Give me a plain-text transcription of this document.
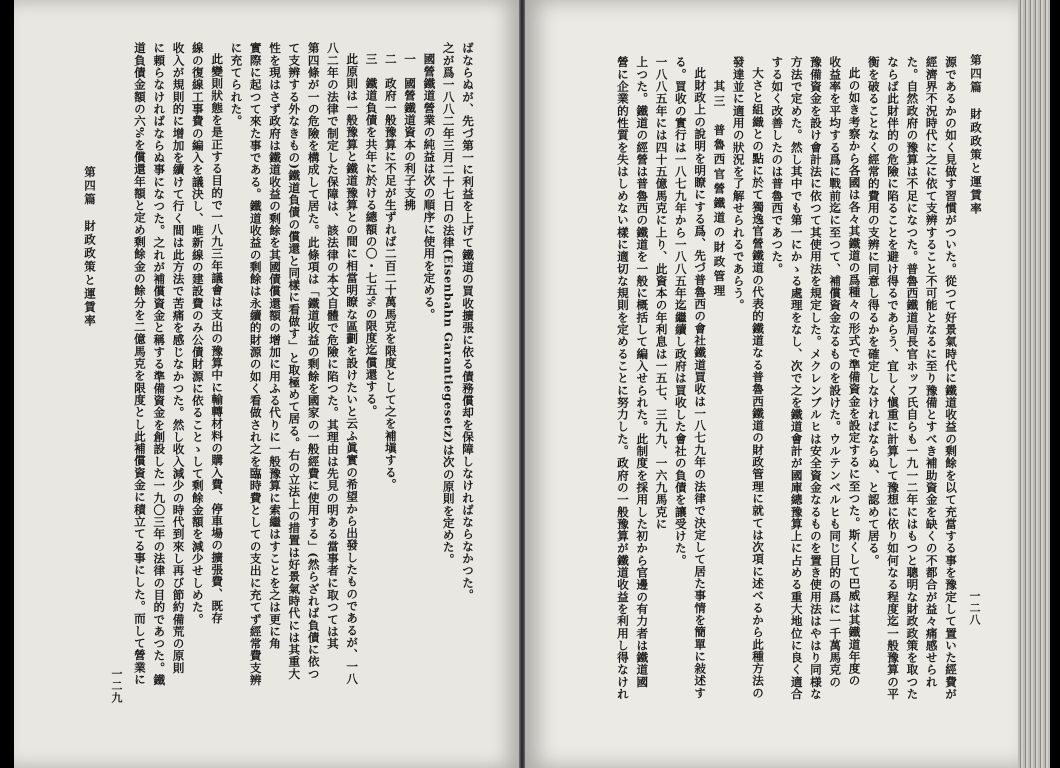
ばならぬが、先づ第一に利益を上げて鐵道の買收擴張に依る債務償却を保障しなければならなかつた。

之が爲一八八二年三月二十七日の法律(Eisenbahn Garantiegesetz)は次の原則を定めた。

國營鐵道營業の純益は次の順序に使用を定める。

一　國營鐵道資本の利子支拂

二　政府一般豫算に不足が生ずれば二百二十萬馬克を限度として之を補塡する。

三　鐵道負債を共年に於ける總額の〇・七五%の限度迄償還する。

此原則は一般豫算と鐵道豫算との間に相當明瞭な區劃を設けたいと云ふ眞實の希望から出發したものであるが、一八

八二年の法律で制定した保障は、該法律の本文自體で危險に陷つた。其理由は先見の明ある當事者に取つては其

第四條が一の危險を構成して居た。此條項は「鐵道收益の剩餘を國家の一般經費に使用する」(然らざれば負債に依つ

て支辨する外なきもの)鐵道負債の償還と同樣に看做す」と取極めて居る。右の立法上の措置は好景氣時代には其重大

性を現はさず政府は鐵道收益の剩餘を其國債償還額の增加に用ふる代りに一般豫算に索繼はすことを之は更に角

實際に起つて來た事である。鐵道收益の剩餘は永續的財源の如く看做され之を臨時費としての支出に充てず經常費支辨

に充てられた。

此變則狀態を是正する目的で一八九三年議會は支出の豫算中に輸轉材料の購入費、停車場の擴張費、既存

線の復線工事費の編入を議決し、唯新線の建設費のみ公債財源に依ることゝして剩餘金額を減少せしめた。

收入が規則的に增加を續けて行く間は此方法で苦痛を感じなかつた。然し收入減少の時代到來し再び節約備荒の原則

に頼らなければならぬ事になつた。之れが補償資金と稱する準備資金を創設した一九〇三年の法律の目的であつた。鐵

道負債金額の六%を償還年額と定め剩餘金の餘分を二億馬克を限度とし此補償資金に積立てる事にした。而して營業に

第四篇　財政政策と運賃率
一二九
第四篇　財政政策と運賃率
一二八

源であるかの如く見做す習慣がついた。從つて好景氣時代に鐵道收益の剩餘を以て充當する事を豫定して置いた經費が

經濟界不況時代に之に依て支辨すること不可能となるに至り豫備とすべき補助資金を缺くの不都合が益々痛感せられ

た。自然政府の豫算は不足になつた。普魯西鐵道局長官ホッフ氏自らも一九一二年にはもつと聰明な財政政策を取つた

ならば此財伴的の危險に陷ることを避け得るであらう、宜しく愼重に計算して豫想に依り如何なる程度迄一般豫算の平

衡を破ることなく經常的費用の支辨に同意し得るかを確定しなければならぬ、と認めて居る。

此の如き考察から各國は各々其鐵道の爲種々の形式で準備資金を設定するに至つた。斯くして巴威は其鐵道年度の

收益率を平均する爲に戰前迄に至つて、補償資金なるものを設けた。ウルテンベルヒも同じ目的の爲に一千萬馬克の

豫備資金を設け會計法に依つて其使用法を規定した。メクレンブルヒは安全資金なるものを置き使用法はやはり同様な

方法で定めた。然し其中でも第一にかゝる處理をなし、次で之を鐵道會計が國庫總豫算上に占める重大地位に良く適合

する如く改善したのは普魯西であつた。

大さと組織との點に於て獨逸官營鐵道の代表的鐵道なる普魯西鐵道の財政管理に就ては次項に述べるから此種方法の

發達並に適用の狀況を了解せられるであらう。

其三　普魯西官營鐵道の財政管理

此財政上の說明を明瞭にする爲、先づ普魯西の會社鐵道買收は一八七九年の法律で決定して居た事情を簡單に敍述す

る。買收の實行は一八七九年から一八八五年迄繼續し政府は買收した會社の負債を讓受けた。

一八八五年には四十五億馬克に上り、此資本の年利息は一五七、三九九、一六九馬克に

上つた。鐵道の經營は普魯西の鐵道を一般に概括して編入せられた。此制度を採用した初から官邊の有力者は鐵道國

營に企業的性質を失はしめない樣に適切な規則を定めることに努力した。政府の一般豫算が鐵道收益を利用し得なけれ
